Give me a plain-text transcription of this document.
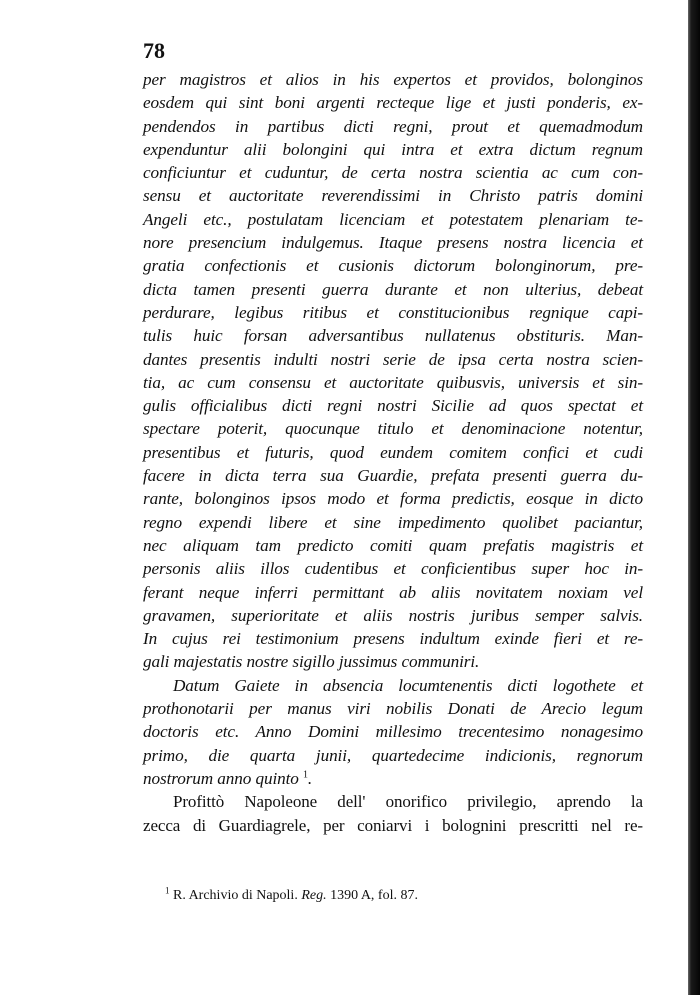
78
per magistros et alios in his expertos et providos, bolonginos
eosdem qui sint boni argenti recteque lige et justi ponderis, ex-
pendendos in partibus dicti regni, prout et quemadmodum
expenduntur alii bolongini qui intra et extra dictum regnum
conficiuntur et cuduntur, de certa nostra scientia ac cum con-
sensu et auctoritate reverendissimi in Christo patris domini
Angeli etc., postulatam licenciam et potestatem plenariam te-
nore presencium indulgemus. Itaque presens nostra licencia et
gratia confectionis et cusionis dictorum bolonginorum, pre-
dicta tamen presenti guerra durante et non ulterius, debeat
perdurare, legibus ritibus et constitucionibus regnique capi-
tulis huic forsan adversantibus nullatenus obstituris. Man-
dantes presentis indulti nostri serie de ipsa certa nostra scien-
tia, ac cum consensu et auctoritate quibusvis, universis et sin-
gulis officialibus dicti regni nostri Sicilie ad quos spectat et
spectare poterit, quocunque titulo et denominacione notentur,
presentibus et futuris, quod eundem comitem confici et cudi
facere in dicta terra sua Guardie, prefata presenti guerra du-
rante, bolonginos ipsos modo et forma predictis, eosque in dicto
regno expendi libere et sine impedimento quolibet paciantur,
nec aliquam tam predicto comiti quam prefatis magistris et
personis aliis illos cudentibus et conficientibus super hoc in-
ferant neque inferri permittant ab aliis novitatem noxiam vel
gravamen, superioritate et aliis nostris juribus semper salvis.
In cujus rei testimonium presens indultum exinde fieri et re-
gali majestatis nostre sigillo jussimus communiri.
Datum Gaiete in absencia locumtenentis dicti logothete et
prothonotarii per manus viri nobilis Donati de Arecio legum
doctoris etc. Anno Domini millesimo trecentesimo nonagesimo
primo, die quarta junii, quartedecime indicionis, regnorum
nostrorum anno quinto $^1$.
Profittò Napoleone dell' onorifico privilegio, aprendo la
zecca di Guardiagrele, per coniarvi i bolognini prescritti nel re-
$^1$ R. Archivio di Napoli. Reg. 1390 A, fol. 87.
